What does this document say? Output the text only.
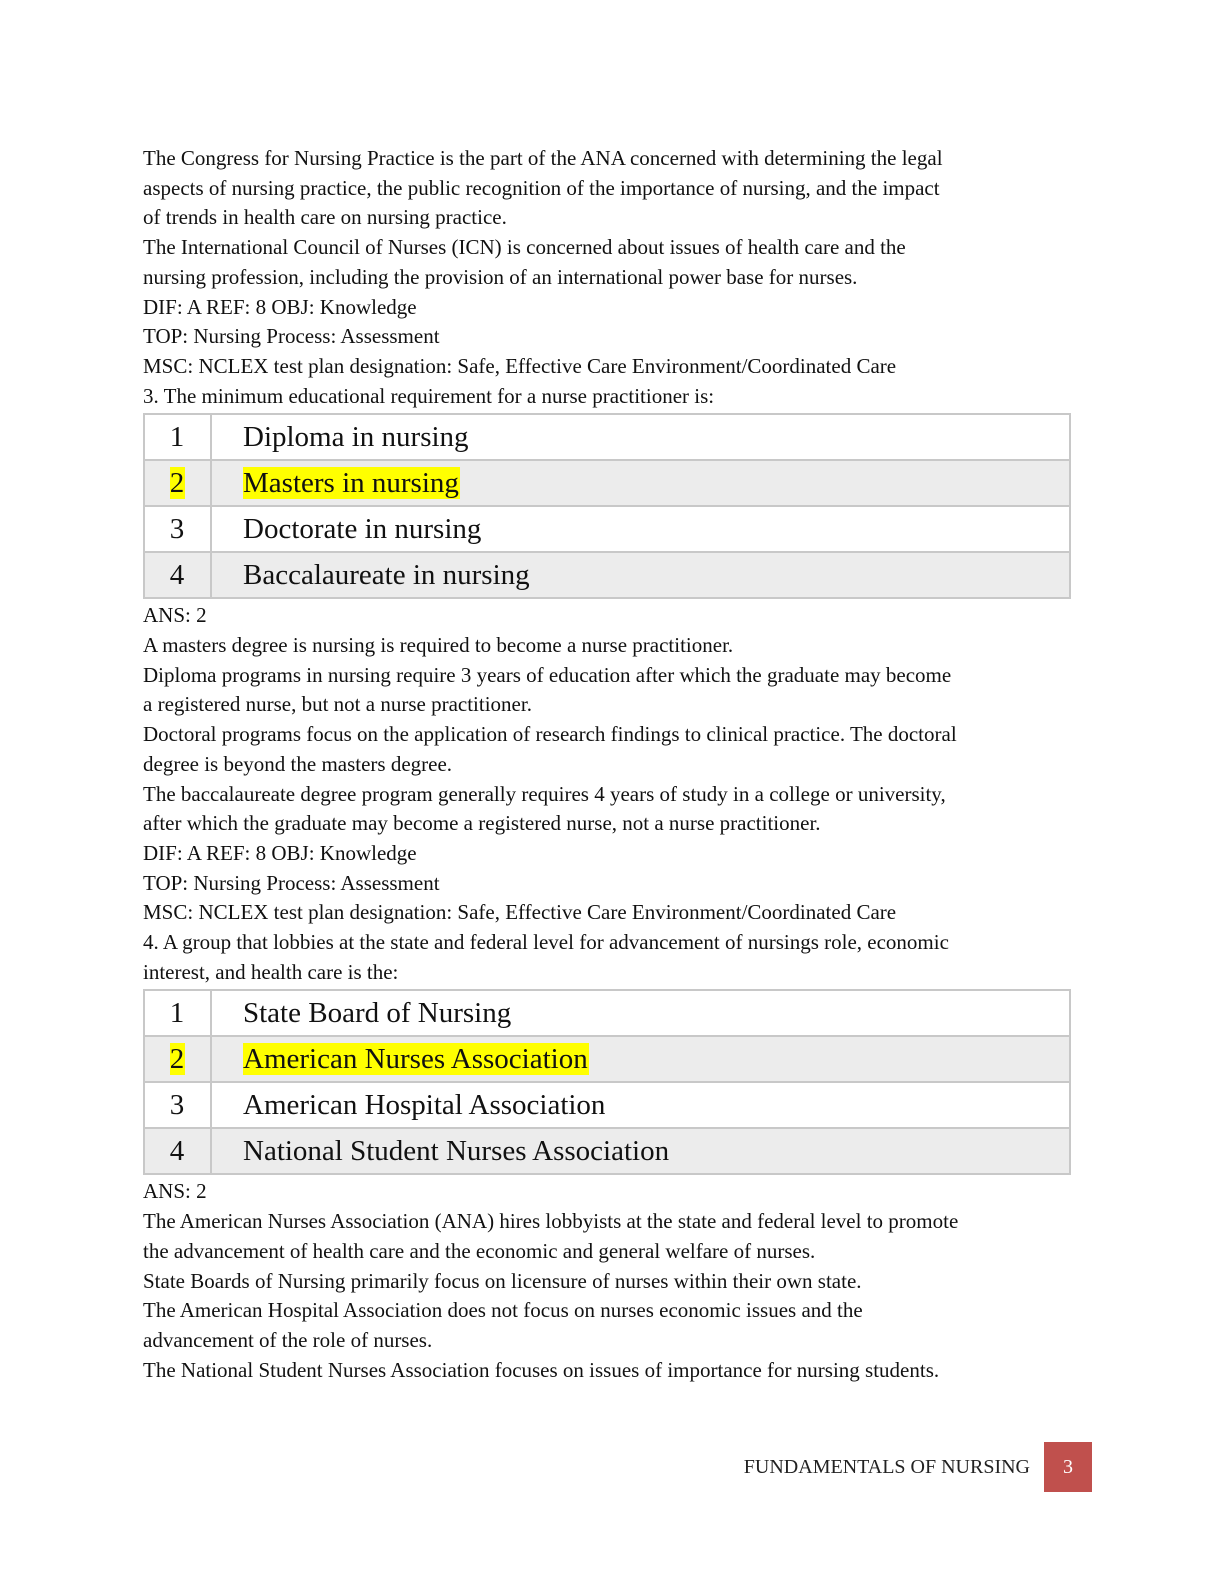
The Congress for Nursing Practice is the part of the ANA concerned with determining the legal
aspects of nursing practice, the public recognition of the importance of nursing, and the impact
of trends in health care on nursing practice.
The International Council of Nurses (ICN) is concerned about issues of health care and the
nursing profession, including the provision of an international power base for nurses.
DIF: A REF: 8 OBJ: Knowledge
TOP: Nursing Process: Assessment
MSC: NCLEX test plan designation: Safe, Effective Care Environment/Coordinated Care
3. The minimum educational requirement for a nurse practitioner is:
1	Diploma in nursing
2	Masters in nursing
3	Doctorate in nursing
4	Baccalaureate in nursing
ANS: 2
A masters degree is nursing is required to become a nurse practitioner.
Diploma programs in nursing require 3 years of education after which the graduate may become
a registered nurse, but not a nurse practitioner.
Doctoral programs focus on the application of research findings to clinical practice. The doctoral
degree is beyond the masters degree.
The baccalaureate degree program generally requires 4 years of study in a college or university,
after which the graduate may become a registered nurse, not a nurse practitioner.
DIF: A REF: 8 OBJ: Knowledge
TOP: Nursing Process: Assessment
MSC: NCLEX test plan designation: Safe, Effective Care Environment/Coordinated Care
4. A group that lobbies at the state and federal level for advancement of nursings role, economic
interest, and health care is the:
1	State Board of Nursing
2	American Nurses Association
3	American Hospital Association
4	National Student Nurses Association
ANS: 2
The American Nurses Association (ANA) hires lobbyists at the state and federal level to promote
the advancement of health care and the economic and general welfare of nurses.
State Boards of Nursing primarily focus on licensure of nurses within their own state.
The American Hospital Association does not focus on nurses economic issues and the
advancement of the role of nurses.
The National Student Nurses Association focuses on issues of importance for nursing students.
FUNDAMENTALS OF NURSING	3
